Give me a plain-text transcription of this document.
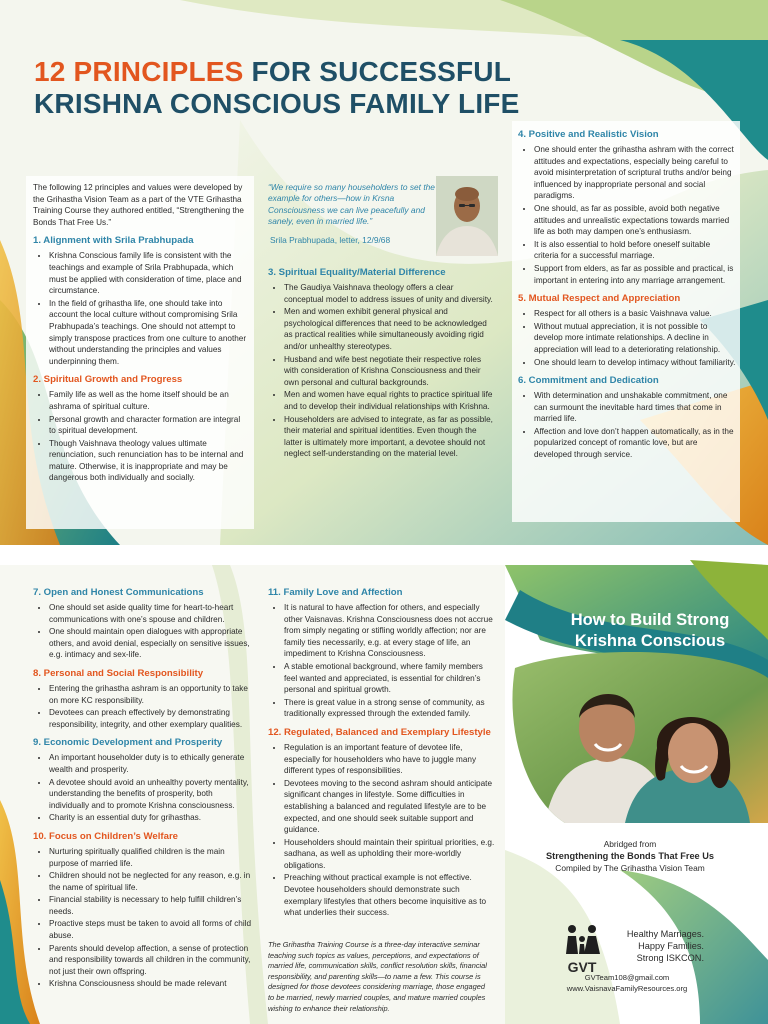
12 PRINCIPLES FOR SUCCESSFUL
KRISHNA CONSCIOUS FAMILY LIFE

The following 12 principles and values were developed by the Grihastha Vision Team as a part of the VTE Grihastha Training Course they authored entitled, “Strengthening the Bonds That Free Us.”

1. Alignment with Srila Prabhupada
• Krishna Conscious family life is consistent with the teachings and example of Srila Prabhupada, which must be applied with consideration of time, place and circumstance.
• In the field of grihastha life, one should take into account the local culture without compromising Srila Prabhupada’s teachings. One should not attempt to simply transpose practices from one culture to another without understanding the principles and values underpinning them.
2. Spiritual Growth and Progress
• Family life as well as the home itself should be an ashrama of spiritual culture.
• Personal growth and character formation are integral to spiritual development.
• Though Vaishnava theology values ultimate renunciation, such renunciation has to be internal and mature. Otherwise, it is inappropriate and may be dangerous both individually and socially.
“We require so many householders to set the example for others—how in Krsna Consciousness we can live peacefully and sanely, even in married life.”
Srila Prabhupada, letter, 12/9/68
3. Spiritual Equality/Material Difference
• The Gaudiya Vaishnava theology offers a clear conceptual model to address issues of unity and diversity.
• Men and women exhibit general physical and psychological differences that need to be acknowledged as practical realities while simultaneously avoiding rigid and/or unhealthy stereotypes.
• Husband and wife best negotiate their respective roles with consideration of Krishna Consciousness and their own personal and cultural backgrounds.
• Men and women have equal rights to practice spiritual life and to develop their individual relationships with Krishna.
• Householders are advised to integrate, as far as possible, their material and spiritual identities. Even though the latter is ultimately more important, a devotee should not neglect self-understanding on the material level.
4. Positive and Realistic Vision
• One should enter the grihastha ashram with the correct attitudes and expectations, especially being careful to avoid misinterpretation of scriptural truths and/or being influenced by inappropriate personal and social paradigms.
• One should, as far as possible, avoid both negative attitudes and unrealistic expectations towards married life as both may dampen one’s enthusiasm.
• It is also essential to hold before oneself suitable criteria for a successful marriage.
• Support from elders, as far as possible and practical, is important in entering into any marriage arrangement.
5. Mutual Respect and Appreciation
• Respect for all others is a basic Vaishnava value.
• Without mutual appreciation, it is not possible to develop more intimate relationships. A decline in appreciation will lead to a deteriorating relationship.
• One should learn to develop intimacy without familiarity.
6. Commitment and Dedication
• With determination and unshakable commitment, one can surmount the inevitable hard times that come in married life.
• Affection and love don’t happen automatically, as in the popularized concept of romantic love, but are developed through service.
7. Open and Honest Communications
• One should set aside quality time for heart-to-heart communications with one’s spouse and children.
• One should maintain open dialogues with appropriate others, and avoid denial, especially on sensitive issues, e.g. intimacy and sex-life.
8. Personal and Social Responsibility
• Entering the grihastha ashram is an opportunity to take on more KC responsibility.
• Devotees can preach effectively by demonstrating responsibility, integrity, and other exemplary qualities.
9. Economic Development and Prosperity
• An important householder duty is to ethically generate wealth and prosperity.
• A devotee should avoid an unhealthy poverty mentality, understanding the benefits of prosperity, both individually and to promote Krishna consciousness.
• Charity is an essential duty for grihasthas.
10. Focus on Children’s Welfare
• Nurturing spiritually qualified children is the main purpose of married life.
• Children should not be neglected for any reason, e.g. in the name of spiritual life.
• Financial stability is necessary to help fulfill children’s needs.
• Proactive steps must be taken to avoid all forms of child abuse.
• Parents should develop affection, a sense of protection and responsibility towards all children in the community, not just their own offspring.
• Krishna Consciousness should be made relevant
11. Family Love and Affection
• It is natural to have affection for others, and especially other Vaisnavas. Krishna Consciousness does not accrue from simply negating or stifling worldly affection; nor are family ties necessarily, e.g. at every stage of life, an impediment to Krishna Consciousness.
• A stable emotional background, where family members feel wanted and appreciated, is essential for children’s personal and spiritual growth.
• There is great value in a strong sense of community, as traditionally expressed through the extended family.
12. Regulated, Balanced and Exemplary Lifestyle
• Regulation is an important feature of devotee life, especially for householders who have to juggle many different types of responsibilities.
• Devotees moving to the second ashram should anticipate significant changes in lifestyle. Some difficulties in establishing a balanced and regulated lifestyle are to be expected, and one should seek suitable support and guidance.
• Householders should maintain their spiritual priorities, e.g. sadhana, as well as upholding their more-worldly obligations.
• Preaching without practical example is not effective. Devotee householders should demonstrate such exemplary lifestyles that others become inquisitive as to what underlies their success.
The Grihastha Training Course is a three-day interactive seminar teaching such topics as values, perceptions, and expectations of married life, communication skills, conflict resolution skills, financial responsibility, and parenting skills—to name a few. This course is designed for those devotees considering marriage, those engaged to be married, newly married couples, and mature married couples wishing to enhance their relationship.
How to Build Strong
Krishna Conscious

Abridged from
Strengthening the Bonds That Free Us
Compiled by The Grihastha Vision Team
GVT
Healthy Marriages.
Happy Families.
Strong ISKCON.
GVTeam108@gmail.com
www.VaisnavaFamilyResources.org
